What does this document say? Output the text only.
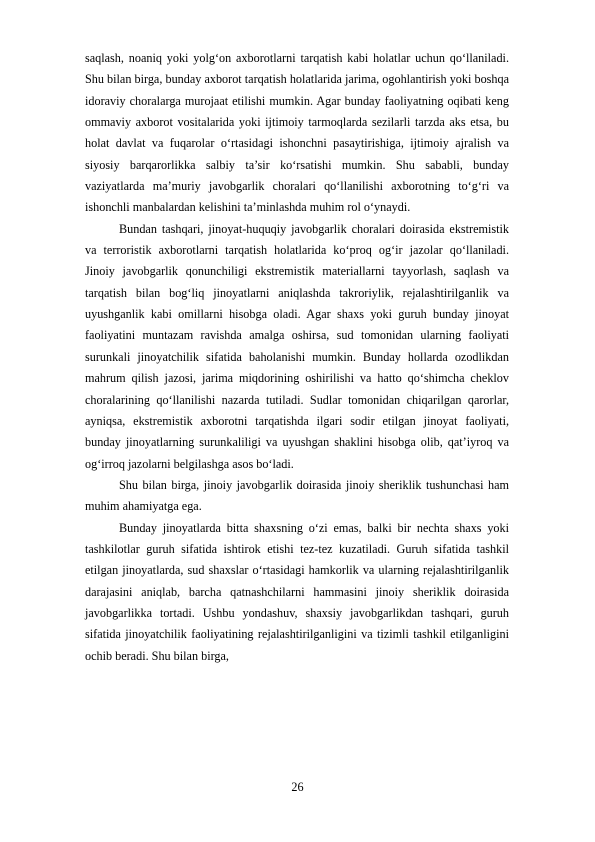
saqlash, noaniq yoki yolg‘on axborotlarni tarqatish kabi holatlar uchun qo‘llaniladi. Shu bilan birga, bunday axborot tarqatish holatlarida jarima, ogohlantirish yoki boshqa idoraviy choralarga murojaat etilishi mumkin. Agar bunday faoliyatning oqibati keng ommaviy axborot vositalarida yoki ijtimoiy tarmoqlarda sezilarli tarzda aks etsa, bu holat davlat va fuqarolar o‘rtasidagi ishonchni pasaytirishiga, ijtimoiy ajralish va siyosiy barqarorlikka salbiy ta’sir ko‘rsatishi mumkin. Shu sababli, bunday vaziyatlarda ma’muriy javobgarlik choralari qo‘llanilishi axborotning to‘g‘ri va ishonchli manbalardan kelishini ta’minlashda muhim rol o‘ynaydi.

Bundan tashqari, jinoyat-huquqiy javobgarlik choralari doirasida ekstremistik va terroristik axborotlarni tarqatish holatlarida ko‘proq og‘ir jazolar qo‘llaniladi. Jinoiy javobgarlik qonunchiligi ekstremistik materiallarni tayyorlash, saqlash va tarqatish bilan bog‘liq jinoyatlarni aniqlashda takroriylik, rejalashtirilganlik va uyushganlik kabi omillarni hisobga oladi. Agar shaxs yoki guruh bunday jinoyat faoliyatini muntazam ravishda amalga oshirsa, sud tomonidan ularning faoliyati surunkali jinoyatchilik sifatida baholanishi mumkin. Bunday hollarda ozodlikdan mahrum qilish jazosi, jarima miqdorining oshirilishi va hatto qo‘shimcha cheklov choralarining qo‘llanilishi nazarda tutiladi. Sudlar tomonidan chiqarilgan qarorlar, ayniqsa, ekstremistik axborotni tarqatishda ilgari sodir etilgan jinoyat faoliyati, bunday jinoyatlarning surunkaliligi va uyushgan shaklini hisobga olib, qat’iyroq va og‘irroq jazolarni belgilashga asos bo‘ladi.

Shu bilan birga, jinoiy javobgarlik doirasida jinoiy sheriklik tushunchasi ham muhim ahamiyatga ega.

Bunday jinoyatlarda bitta shaxsning o‘zi emas, balki bir nechta shaxs yoki tashkilotlar guruh sifatida ishtirok etishi tez-tez kuzatiladi. Guruh sifatida tashkil etilgan jinoyatlarda, sud shaxslar o‘rtasidagi hamkorlik va ularning rejalashtirilganlik darajasini aniqlab, barcha qatnashchilarni hammasini jinoiy sheriklik doirasida javobgarlikka tortadi. Ushbu yondashuv, shaxsiy javobgarlikdan tashqari, guruh sifatida jinoyatchilik faoliyatining rejalashtirilganligini va tizimli tashkil etilganligini ochib beradi. Shu bilan birga,

26
